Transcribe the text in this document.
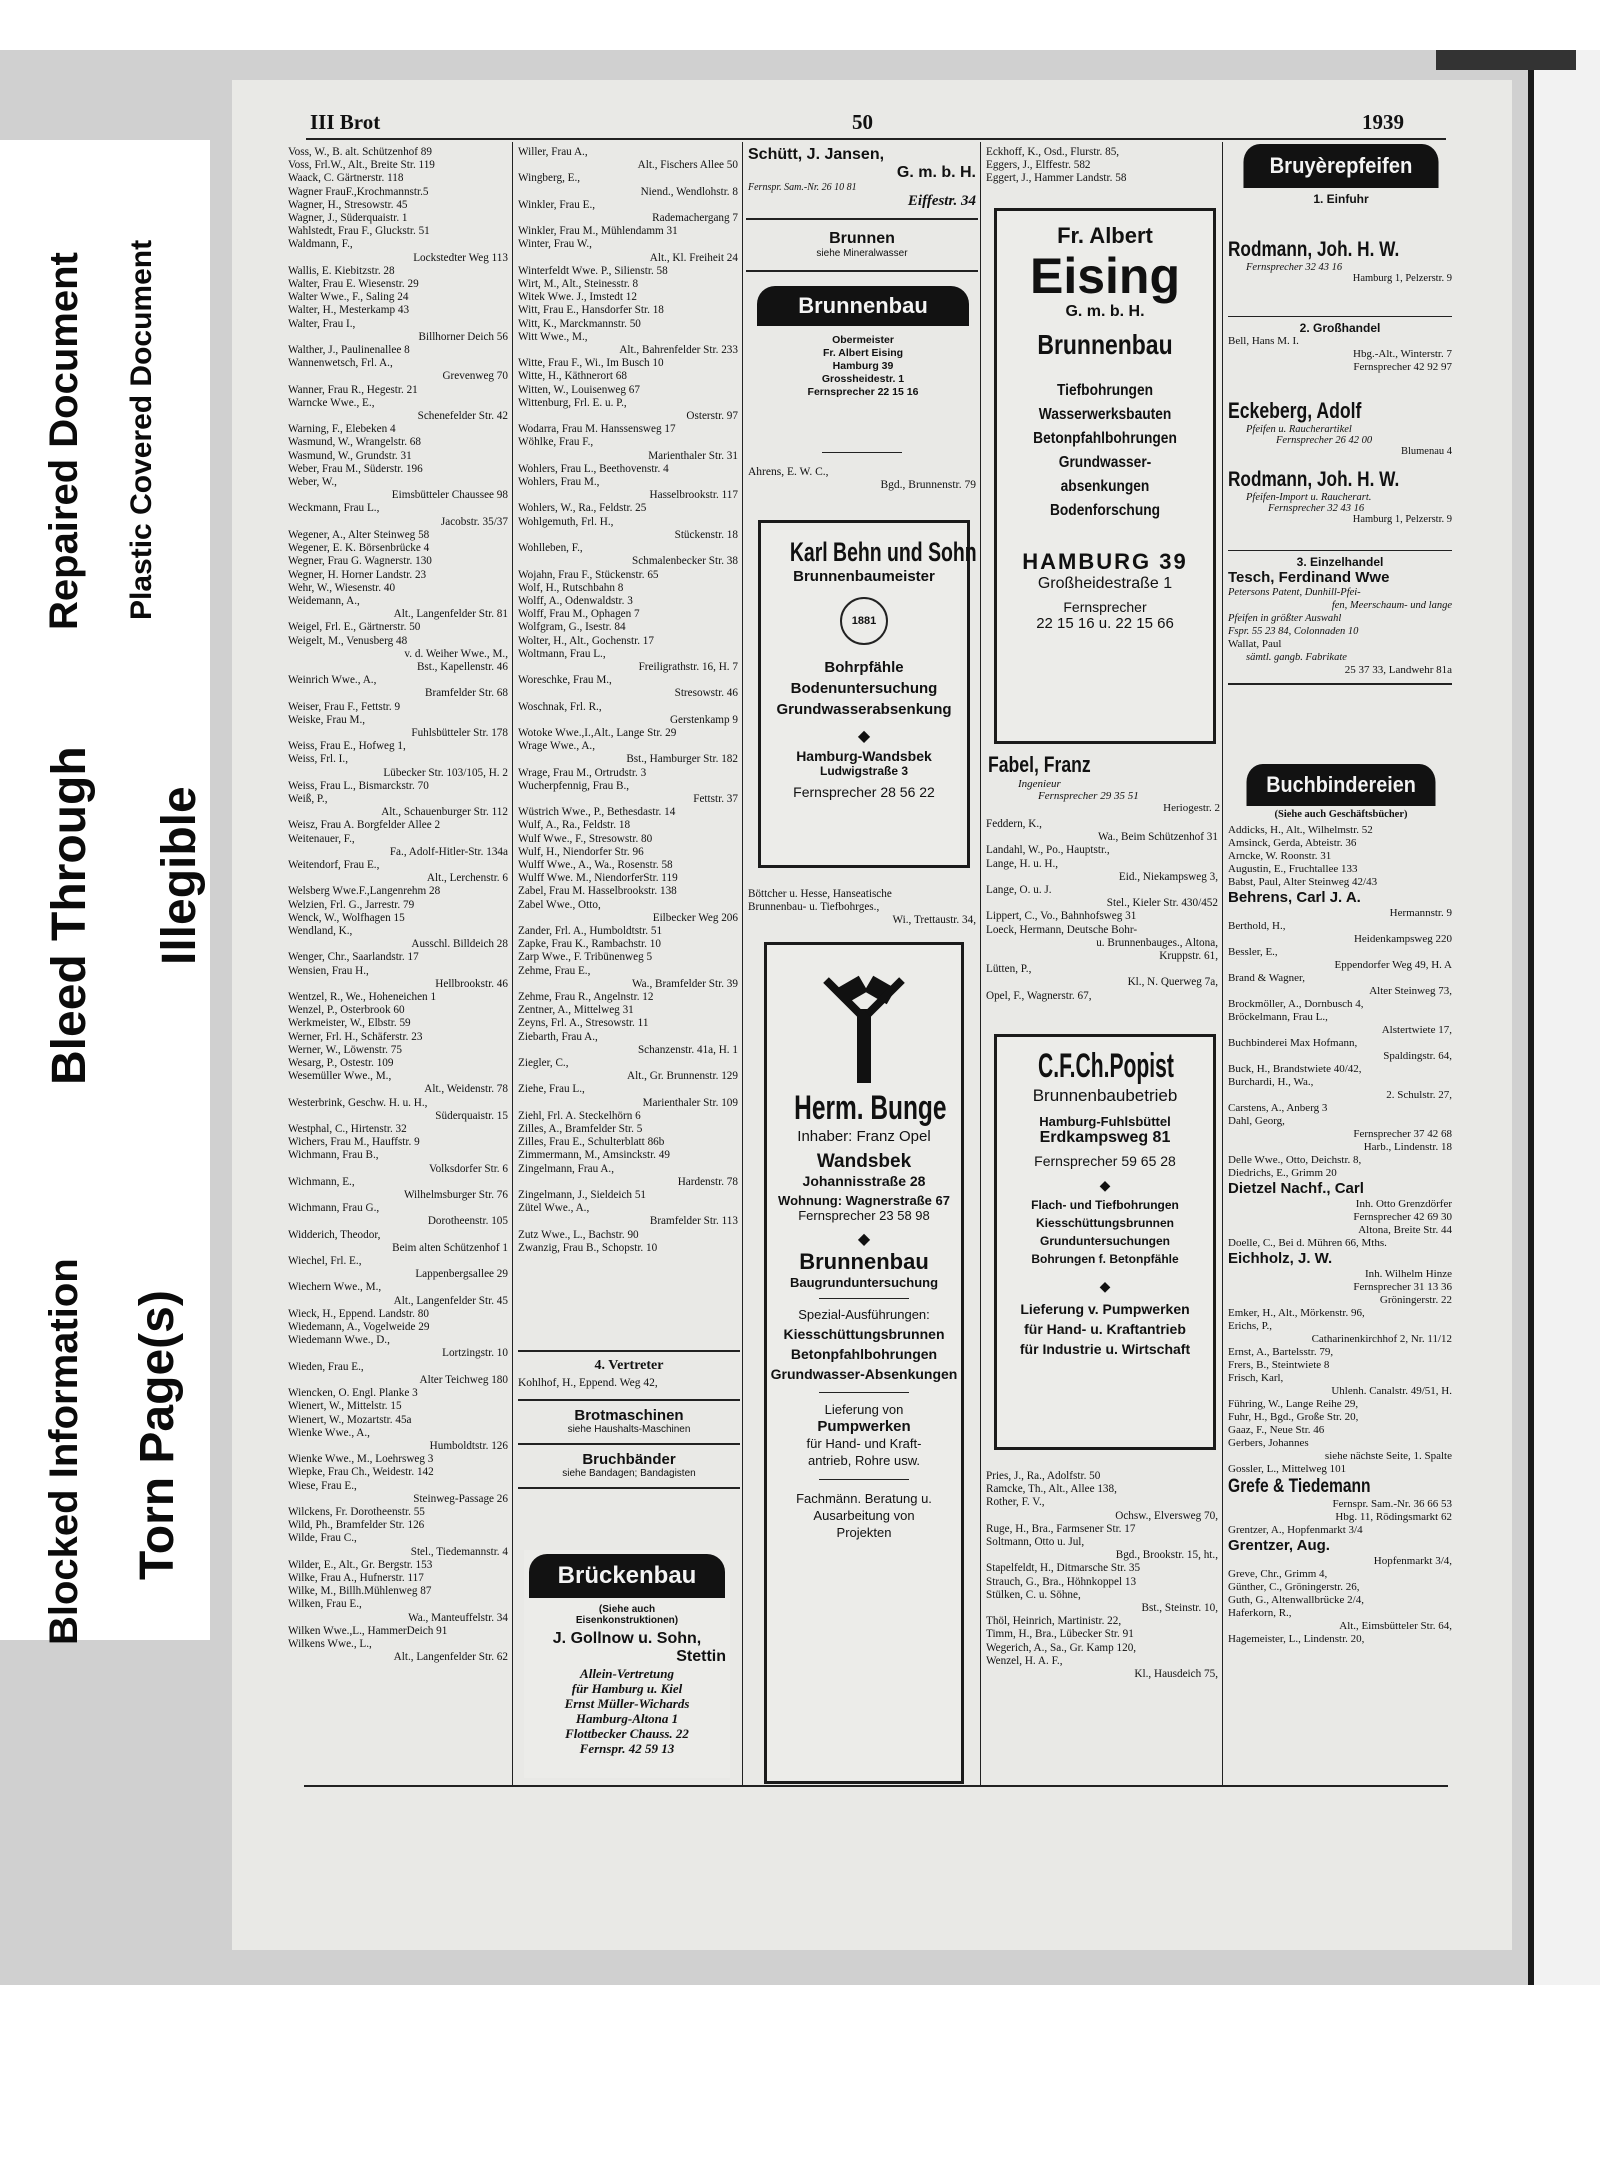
Repaired Document Plastic Covered Document
Bleed Through Illegible
Blocked Information Torn Page(s)
III Brot	50	1939
Voss, W., B. alt. Schützenhof 89
Voss, Frl.W., Alt., Breite Str. 119
Waack, C. Gärtnerstr. 118
Wagner FrauF.,Krochmannstr.5
Wagner, H., Stresowstr. 45
Wagner, J., Süderquaistr. 1
Wahlstedt, Frau F., Gluckstr. 51
Waldmann, F.,
Lockstedter Weg 113
Wallis, E. Kiebitzstr. 28
Walter, Frau E. Wiesenstr. 29
Walter Wwe., F., Saling 24
Walter, H., Mesterkamp 43
Walter, Frau I.,
Billhorner Deich 56
Walther, J., Paulinenallee 8
Wannenwetsch, Frl. A.,
Grevenweg 70
Wanner, Frau R., Hegestr. 21
Warncke Wwe., E.,
Schenefelder Str. 42
Warning, F., Elebeken 4
Wasmund, W., Wrangelstr. 68
Wasmund, W., Grundstr. 31
Weber, Frau M., Süderstr. 196
Weber, W.,
Eimsbütteler Chaussee 98
Weckmann, Frau L.,
Jacobstr. 35/37
Wegener, A., Alter Steinweg 58
Wegener, E. K. Börsenbrücke 4
Wegner, Frau G. Wagnerstr. 130
Wegner, H. Horner Landstr. 23
Wehr, W., Wiesenstr. 40
Weidemann, A.,
Alt., Langenfelder Str. 81
Weigel, Frl. E., Gärtnerstr. 50
Weigelt, M., Venusberg 48
v. d. Weiher Wwe., M.,
Bst., Kapellenstr. 46
Weinrich Wwe., A.,
Bramfelder Str. 68
Weiser, Frau F., Fettstr. 9
Weiske, Frau M.,
Fuhlsbütteler Str. 178
Weiss, Frau E., Hofweg 1,
Weiss, Frl. I.,
Lübecker Str. 103/105, H. 2
Weiss, Frau L., Bismarckstr. 70
Weiß, P.,
Alt., Schauenburger Str. 112
Weisz, Frau A. Borgfelder Allee 2
Weitenauer, F.,
Fa., Adolf-Hitler-Str. 134a
Weitendorf, Frau E.,
Alt., Lerchenstr. 6
Welsberg Wwe.F.,Langenrehm 28
Welzien, Frl. G., Jarrestr. 79
Wenck, W., Wolfhagen 15
Wendland, K.,
Ausschl. Billdeich 28
Wenger, Chr., Saarlandstr. 17
Wensien, Frau H.,
Hellbrookstr. 46
Wentzel, R., We., Hoheneichen 1
Wenzel, P., Osterbrook 60
Werkmeister, W., Elbstr. 59
Werner, Frl. H., Schäferstr. 23
Werner, W., Löwenstr. 75
Wesarg, P., Ostestr. 109
Wesemüller Wwe., M.,
Alt., Weidenstr. 78
Westerbrink, Geschw. H. u. H.,
Süderquaistr. 15
Westphal, C., Hirtenstr. 32
Wichers, Frau M., Hauffstr. 9
Wichmann, Frau B.,
Volksdorfer Str. 6
Wichmann, E.,
Wilhelmsburger Str. 76
Wichmann, Frau G.,
Dorotheenstr. 105
Widderich, Theodor,
Beim alten Schützenhof 1
Wiechel, Frl. E.,
Lappenbergsallee 29
Wiechern Wwe., M.,
Alt., Langenfelder Str. 45
Wieck, H., Eppend. Landstr. 80
Wiedemann, A., Vogelweide 29
Wiedemann Wwe., D.,
Lortzingstr. 10
Wieden, Frau E.,
Alter Teichweg 180
Wiencken, O. Engl. Planke 3
Wienert, W., Mittelstr. 15
Wienert, W., Mozartstr. 45a
Wienke Wwe., A.,
Humboldtstr. 126
Wienke Wwe., M., Loehrsweg 3
Wiepke, Frau Ch., Weidestr. 142
Wiese, Frau E.,
Steinweg-Passage 26
Wilckens, Fr. Dorotheenstr. 55
Wild, Ph., Bramfelder Str. 126
Wilde, Frau C.,
Stel., Tiedemannstr. 4
Wilder, E., Alt., Gr. Bergstr. 153
Wilke, Frau A., Hufnerstr. 117
Wilke, M., Billh.Mühlenweg 87
Wilken, Frau E.,
Wa., Manteuffelstr. 34
Wilken Wwe.,L., HammerDeich 91
Wilkens Wwe., L.,
Alt., Langenfelder Str. 62
Willer, Frau A.,
Alt., Fischers Allee 50
Wingberg, E.,
Niend., Wendlohstr. 8
Winkler, Frau E.,
Rademachergang 7
Winkler, Frau M., Mühlendamm 31
Winter, Frau W.,
Alt., Kl. Freiheit 24
Winterfeldt Wwe. P., Silienstr. 58
Wirt, M., Alt., Steinesstr. 8
Witek Wwe. J., Imstedt 12
Witt, Frau E., Hansdorfer Str. 18
Witt, K., Marckmannstr. 50
Witt Wwe., M.,
Alt., Bahrenfelder Str. 233
Witte, Frau F., Wi., Im Busch 10
Witte, H., Käthnerort 68
Witten, W., Louisenweg 67
Wittenburg, Frl. E. u. P.,
Osterstr. 97
Wodarra, Frau M. Hanssensweg 17
Wöhlke, Frau F.,
Marienthaler Str. 31
Wohlers, Frau L., Beethovenstr. 4
Wohlers, Frau M.,
Hasselbrookstr. 117
Wohlers, W., Ra., Feldstr. 25
Wohlgemuth, Frl. H.,
Stückenstr. 18
Wohlleben, F.,
Schmalenbecker Str. 38
Wojahn, Frau F., Stückenstr. 65
Wolf, H., Rutschbahn 8
Wolff, A., Odenwaldstr. 3
Wolff, Frau M., Ophagen 7
Wolfgram, G., Isestr. 84
Wolter, H., Alt., Gochenstr. 17
Woltmann, Frau L.,
Freiligrathstr. 16, H. 7
Woreschke, Frau M.,
Stresowstr. 46
Woschnak, Frl. R.,
Gerstenkamp 9
Wotoke Wwe.,I.,Alt., Lange Str. 29
Wrage Wwe., A.,
Bst., Hamburger Str. 182
Wrage, Frau M., Ortrudstr. 3
Wucherpfennig, Frau B.,
Fettstr. 37
Wüstrich Wwe., P., Bethesdastr. 14
Wulf, A., Ra., Feldstr. 18
Wulf Wwe., F., Stresowstr. 80
Wulf, H., Niendorfer Str. 96
Wulff Wwe., A., Wa., Rosenstr. 58
Wulff Wwe. M., NiendorferStr. 119
Zabel, Frau M. Hasselbrookstr. 138
Zabel Wwe., Otto,
Eilbecker Weg 206
Zander, Frl. A., Humboldtstr. 51
Zapke, Frau K., Rambachstr. 10
Zarp Wwe., F. Tribünenweg 5
Zehme, Frau E.,
Wa., Bramfelder Str. 39
Zehme, Frau R., Angelnstr. 12
Zentner, A., Mittelweg 31
Zeyns, Frl. A., Stresowstr. 11
Ziebarth, Frau A.,
Schanzenstr. 41a, H. 1
Ziegler, C.,
Alt., Gr. Brunnenstr. 129
Ziehe, Frau L.,
Marienthaler Str. 109
Ziehl, Frl. A. Steckelhörn 6
Zilles, A., Bramfelder Str. 5
Zilles, Frau E., Schulterblatt 86b
Zimmermann, M., Amsinckstr. 49
Zingelmann, Frau A.,
Hardenstr. 78
Zingelmann, J., Sieldeich 51
Zütel Wwe., A.,
Bramfelder Str. 113
Zutz Wwe., L., Bachstr. 90
Zwanzig, Frau B., Schopstr. 10
4. Vertreter
Kohlhof, H., Eppend. Weg 42,
Brotmaschinen
siehe Haushalts-Maschinen
Bruchbänder
siehe Bandagen; Bandagisten
Brückenbau
(Siehe auch
Eisenkonstruktionen)
J. Gollnow u. Sohn,
Stettin
Allein-Vertretung
für Hamburg u. Kiel
Ernst Müller-Wichards
Hamburg-Altona 1
Flottbecker Chauss. 22
Fernspr. 42 59 13
Schütt, J. Jansen,
G. m. b. H.
Fernspr. Sam.-Nr. 26 10 81
Eiffestr. 34
Brunnen
siehe Mineralwasser
Brunnenbau
Obermeister
Fr. Albert Eising
Hamburg 39
Grossheidestr. 1
Fernsprecher 22 15 16
Ahrens, E. W. C.,
Bgd., Brunnenstr. 79
Karl Behn und Sohn
Brunnenbaumeister
1881
Bohrpfähle
Bodenuntersuchung
Grundwasserabsenkung
◆
Hamburg-Wandsbek
Ludwigstraße 3
Fernsprecher 28 56 22
Böttcher u. Hesse, Hanseatische
Brunnenbau- u. Tiefbohrges.,
Wi., Trettaustr. 34,
Herm. Bunge
Inhaber: Franz Opel
Wandsbek
Johannisstraße 28
Wohnung: Wagnerstraße 67
Fernsprecher 23 58 98
◆
Brunnenbau
Baugrunduntersuchung
Spezial-Ausführungen:
Kiesschüttungsbrunnen
Betonpfahlbohrungen
Grundwasser-Absenkungen
Lieferung von
Pumpwerken
für Hand- und Kraft-
antrieb, Rohre usw.
Fachmänn. Beratung u.
Ausarbeitung von
Projekten
Eckhoff, K., Osd., Flurstr. 85,
Eggers, J., Elffestr. 582
Eggert, J., Hammer Landstr. 58
Fr. Albert
Eising
G. m. b. H.
Brunnenbau
Tiefbohrungen
Wasserwerksbauten
Betonpfahlbohrungen
Grundwasser-
absenkungen
Bodenforschung
HAMBURG 39
Großheidestraße 1
Fernsprecher
22 15 16 u. 22 15 66
Fabel, Franz
Ingenieur
Fernsprecher 29 35 51
Heriogestr. 2
Feddern, K.,
Wa., Beim Schützenhof 31
Landahl, W., Po., Hauptstr.,
Lange, H. u. H.,
Eid., Niekampsweg 3,
Lange, O. u. J.
Stel., Kieler Str. 430/452
Lippert, C., Vo., Bahnhofsweg 31
Loeck, Hermann, Deutsche Bohr-
u. Brunnenbauges., Altona,
Kruppstr. 61,
Lütten, P.,
Kl., N. Querweg 7a,
Opel, F., Wagnerstr. 67,
C.F.Ch.Popist
Brunnenbaubetrieb
Hamburg-Fuhlsbüttel
Erdkampsweg 81
Fernsprecher 59 65 28
◆
Flach- und Tiefbohrungen
Kiesschüttungsbrunnen
Grunduntersuchungen
Bohrungen f. Betonpfähle
◆
Lieferung v. Pumpwerken
für Hand- u. Kraftantrieb
für Industrie u. Wirtschaft
Pries, J., Ra., Adolfstr. 50
Ramcke, Th., Alt., Allee 138,
Rother, F. V.,
Ochsw., Elversweg 70,
Ruge, H., Bra., Farmsener Str. 17
Soltmann, Otto u. Jul,
Bgd., Brookstr. 15, ht.,
Stapelfeldt, H., Ditmarsche Str. 35
Strauch, G., Bra., Höhnkoppel 13
Stülken, C. u. Söhne,
Bst., Steinstr. 10,
Thöl, Heinrich, Martinistr. 22,
Timm, H., Bra., Lübecker Str. 91
Wegerich, A., Sa., Gr. Kamp 120,
Wenzel, H. A. F.,
Kl., Hausdeich 75,
Bruyèrepfeifen
1. Einfuhr
Rodmann, Joh. H. W.
Fernsprecher 32 43 16
Hamburg 1, Pelzerstr. 9
2. Großhandel
Bell, Hans M. I.
Hbg.-Alt., Winterstr. 7
Fernsprecher 42 92 97
Eckeberg, Adolf
Pfeifen u. Raucherartikel
Fernsprecher 26 42 00
Blumenau 4
Rodmann, Joh. H. W.
Pfeifen-Import u. Raucherart.
Fernsprecher 32 43 16
Hamburg 1, Pelzerstr. 9
3. Einzelhandel
Tesch, Ferdinand Wwe
Petersons Patent, Dunhill-Pfei-
fen, Meerschaum- und lange
Pfeifen in größter Auswahl
Fspr. 55 23 84, Colonnaden 10
Wallat, Paul
sämtl. gangb. Fabrikate
25 37 33, Landwehr 81a
Buchbindereien
(Siehe auch Geschäftsbücher)
Addicks, H., Alt., Wilhelmstr. 52
Amsinck, Gerda, Abteistr. 36
Arncke, W. Roonstr. 31
Augustin, E., Fruchtallee 133
Babst, Paul, Alter Steinweg 42/43
Behrens, Carl J. A.
Hermannstr. 9
Berthold, H.,
Heidenkampsweg 220
Bessler, E.,
Eppendorfer Weg 49, H. A
Brand & Wagner,
Alter Steinweg 73,
Brockmöller, A., Dornbusch 4,
Bröckelmann, Frau L.,
Alstertwiete 17,
Buchbinderei Max Hofmann,
Spaldingstr. 64,
Buck, H., Brandstwiete 40/42,
Burchardi, H., Wa.,
2. Schulstr. 27,
Carstens, A., Anberg 3
Dahl, Georg,
Fernsprecher 37 42 68
Harb., Lindenstr. 18
Delle Wwe., Otto, Deichstr. 8,
Diedrichs, E., Grimm 20
Dietzel Nachf., Carl
Inh. Otto Grenzdörfer
Fernsprecher 42 69 30
Altona, Breite Str. 44
Doelle, C., Bei d. Mühren 66, Mths.
Eichholz, J. W.
Inh. Wilhelm Hinze
Fernsprecher 31 13 36
Gröningerstr. 22
Emker, H., Alt., Mörkenstr. 96,
Erichs, P.,
Catharinenkirchhof 2, Nr. 11/12
Ernst, A., Bartelsstr. 79,
Frers, B., Steintwiete 8
Frisch, Karl,
Uhlenh. Canalstr. 49/51, H.
Führing, W., Lange Reihe 29,
Fuhr, H., Bgd., Große Str. 20,
Gaaz, F., Neue Str. 46
Gerbers, Johannes
siehe nächste Seite, 1. Spalte
Gossler, L., Mittelweg 101
Grefe & Tiedemann
Fernspr. Sam.-Nr. 36 66 53
Hbg. 11, Rödingsmarkt 62
Grentzer, A., Hopfenmarkt 3/4
Grentzer, Aug.
Hopfenmarkt 3/4,
Greve, Chr., Grimm 4,
Günther, C., Gröningerstr. 26,
Guth, G., Altenwallbrücke 2/4,
Haferkorn, R.,
Alt., Eimsbütteler Str. 64,
Hagemeister, L., Lindenstr. 20,
